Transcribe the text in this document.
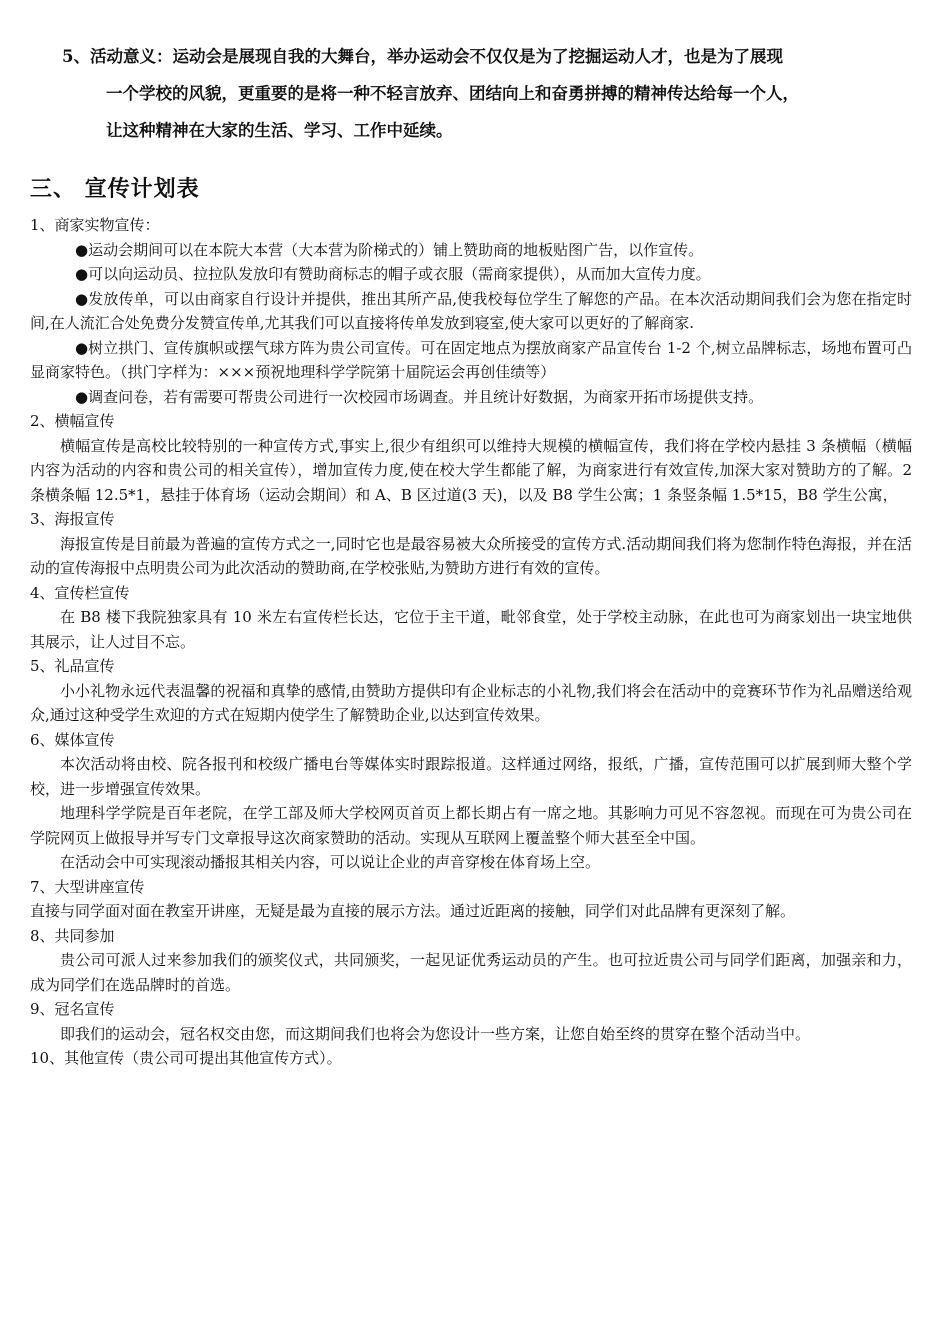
5、活动意义：运动会是展现自我的大舞台，举办运动会不仅仅是为了挖掘运动人才，也是为了展现
一个学校的风貌，更重要的是将一种不轻言放弃、团结向上和奋勇拼搏的精神传达给每一个人，
让这种精神在大家的生活、学习、工作中延续。
三、 宣传计划表

1、商家实物宣传：

●运动会期间可以在本院大本营（大本营为阶梯式的）铺上赞助商的地板贴图广告，以作宣传。

●可以向运动员、拉拉队发放印有赞助商标志的帽子或衣服（需商家提供），从而加大宣传力度。

●发放传单，可以由商家自行设计并提供，推出其所产品,使我校每位学生了解您的产品。在本次活动期间我们会为您在指定时间,在人流汇合处免费分发赞宣传单,尤其我们可以直接将传单发放到寝室,使大家可以更好的了解商家.

●树立拱门、宣传旗帜或摆气球方阵为贵公司宣传。可在固定地点为摆放商家产品宣传台 1-2 个,树立品牌标志，场地布置可凸显商家特色。（拱门字样为：×××预祝地理科学学院第十届院运会再创佳绩等）

●调查问卷，若有需要可帮贵公司进行一次校园市场调查。并且统计好数据，为商家开拓市场提供支持。

2、横幅宣传

横幅宣传是高校比较特别的一种宣传方式,事实上,很少有组织可以维持大规模的横幅宣传，我们将在学校内悬挂 3 条横幅（横幅内容为活动的内容和贵公司的相关宣传），增加宣传力度,使在校大学生都能了解，为商家进行有效宣传,加深大家对赞助方的了解。2 条横条幅 12.5*1，悬挂于体育场（运动会期间）和 A、B 区过道(3 天)，以及 B8 学生公寓；1 条竖条幅 1.5*15，B8 学生公寓，

3、海报宣传

海报宣传是目前最为普遍的宣传方式之一,同时它也是最容易被大众所接受的宣传方式.活动期间我们将为您制作特色海报，并在活动的宣传海报中点明贵公司为此次活动的赞助商,在学校张贴,为赞助方进行有效的宣传。

4、宣传栏宣传

在 B8 楼下我院独家具有 10 米左右宣传栏长达，它位于主干道，毗邻食堂，处于学校主动脉，在此也可为商家划出一块宝地供其展示，让人过目不忘。

5、礼品宣传

小小礼物永远代表温馨的祝福和真挚的感情,由赞助方提供印有企业标志的小礼物,我们将会在活动中的竞赛环节作为礼品赠送给观众,通过这种受学生欢迎的方式在短期内使学生了解赞助企业,以达到宣传效果。

6、媒体宣传

本次活动将由校、院各报刊和校级广播电台等媒体实时跟踪报道。这样通过网络，报纸，广播，宣传范围可以扩展到师大整个学校，进一步增强宣传效果。

地理科学学院是百年老院，在学工部及师大学校网页首页上都长期占有一席之地。其影响力可见不容忽视。而现在可为贵公司在学院网页上做报导并写专门文章报导这次商家赞助的活动。实现从互联网上覆盖整个师大甚至全中国。

在活动会中可实现滚动播报其相关内容，可以说让企业的声音穿梭在体育场上空。

7、大型讲座宣传

直接与同学面对面在教室开讲座，无疑是最为直接的展示方法。通过近距离的接触，同学们对此品牌有更深刻了解。

8、共同参加

贵公司可派人过来参加我们的颁奖仪式，共同颁奖，一起见证优秀运动员的产生。也可拉近贵公司与同学们距离，加强亲和力，成为同学们在选品牌时的首选。

9、冠名宣传

即我们的运动会，冠名权交由您，而这期间我们也将会为您设计一些方案，让您自始至终的贯穿在整个活动当中。

10、其他宣传（贵公司可提出其他宣传方式）。
